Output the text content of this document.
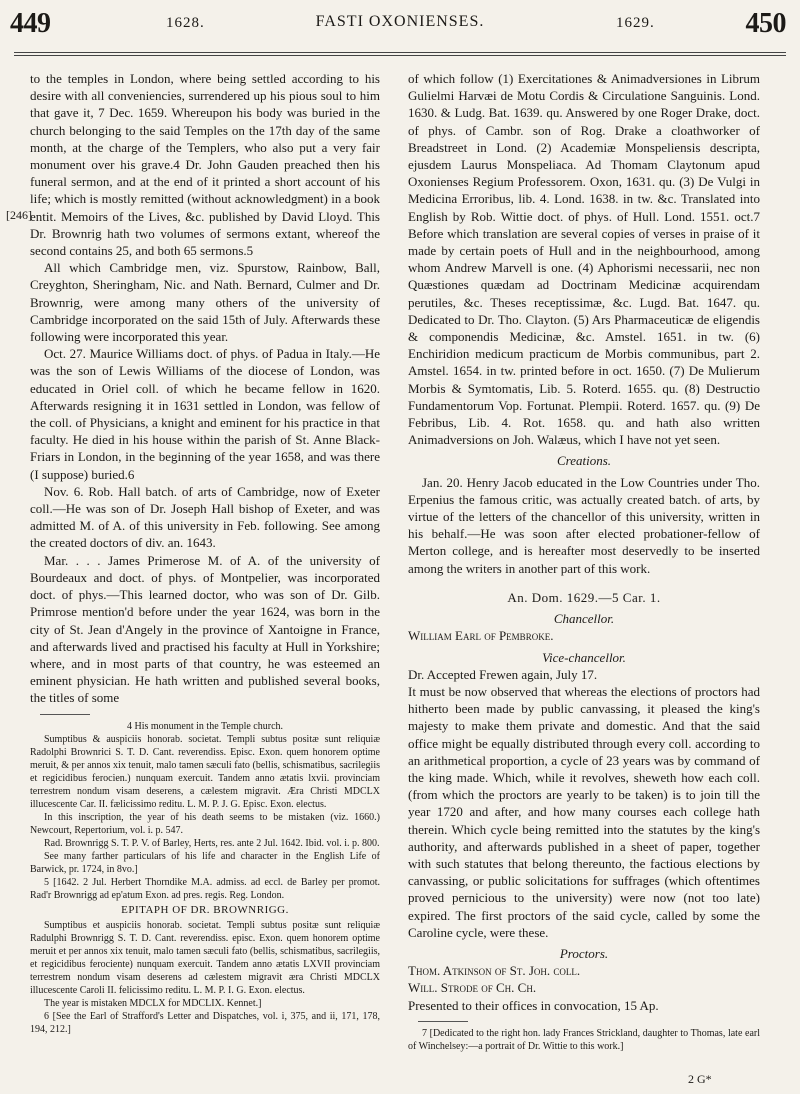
449	1628.	FASTI OXONIENSES.	1629.	450
[246]

to the temples in London, where being settled according to his desire with all conveniencies, surrendered up his pious soul to him that gave it, 7 Dec. 1659. Whereupon his body was buried in the church belonging to the said Temples on the 17th day of the same month, at the charge of the Templers, who also put a very fair monument over his grave.4 Dr. John Gauden preached then his funeral sermon, and at the end of it printed a short account of his life; which is mostly remitted (without acknowledgment) in a book entit. Memoirs of the Lives, &c. published by David Lloyd. This Dr. Brownrig hath two volumes of sermons extant, whereof the second contains 25, and both 65 sermons.5

All which Cambridge men, viz. Spurstow, Rainbow, Ball, Creyghton, Sheringham, Nic. and Nath. Bernard, Culmer and Dr. Brownrig, were among many others of the university of Cambridge incorporated on the said 15th of July. Afterwards these following were incorporated this year.

Oct. 27. Maurice Williams doct. of phys. of Padua in Italy.—He was the son of Lewis Williams of the diocese of London, was educated in Oriel coll. of which he became fellow in 1620. Afterwards resigning it in 1631 settled in London, was fellow of the coll. of Physicians, a knight and eminent for his practice in that faculty. He died in his house within the parish of St. Anne Black-Friars in London, in the beginning of the year 1658, and was there (I suppose) buried.6

Nov. 6. Rob. Hall batch. of arts of Cambridge, now of Exeter coll.—He was son of Dr. Joseph Hall bishop of Exeter, and was admitted M. of A. of this university in Feb. following. See among the created doctors of div. an. 1643.

Mar. . . . James Primerose M. of A. of the university of Bourdeaux and doct. of phys. of Montpelier, was incorporated doct. of phys.—This learned doctor, who was son of Dr. Gilb. Primrose mention'd before under the year 1624, was born in the city of St. Jean d'Angely in the province of Xantoigne in France, and afterwards lived and practised his faculty at Hull in Yorkshire; where, and in most parts of that country, he was esteemed an eminent physician. He hath written and published several books, the titles of some

4 His monument in the Temple church.

Sumptibus & auspiciis honorab. societat. Templi subtus positæ sunt reliquiæ Radolphi Brownrici S. T. D. Cant. reverendiss. Episc. Exon. quem honorem optime meruit, & per annos xix tenuit, malo tamen sæculi fato (bellis, schismatibus, sacrilegiis et regicidibus ferocien.) nunquam exercuit. Tandem anno ætatis lxvii. provinciam terrestrem nondum visam deserens, a cælestem migravit. Æra Christi MDCLX illucescente Car. II. fælicissimo reditu. L. M. P. J. G. Episc. Exon. electus.

In this inscription, the year of his death seems to be mistaken (viz. 1660.) Newcourt, Repertorium, vol. i. p. 547.

Rad. Brownrigg S. T. P. V. of Barley, Herts, res. ante 2 Jul. 1642. Ibid. vol. i. p. 800.

See many farther particulars of his life and character in the English Life of Barwick, pr. 1724, in 8vo.]

5 [1642. 2 Jul. Herbert Thorndike M.A. admiss. ad eccl. de Barley per promot. Rad'r Brownrigg ad ep'atum Exon. ad pres. regis. Reg. London.

EPITAPH OF DR. BROWNRIGG.

Sumptibus et auspiciis honorab. societat. Templi subtus positæ sunt reliquiæ Radulphi Brownrigg S. T. D. Cant. reverendiss. episc. Exon. quem honorem optime meruit et per annos xix tenuit, malo tamen sæculi fato (bellis, schismatibus, sacrilegiis, et regicidibus ferociente) nunquam exercuit. Tandem anno ætatis LXVII provinciam terrestrem nondum visam deserens ad cælestem migravit æra Christi MDCLX illucescente Caroli II. felicissimo reditu. L. M. P. I. G. Exon. electus.

The year is mistaken MDCLX for MDCLIX. Kennet.]

6 [See the Earl of Strafford's Letter and Dispatches, vol. i, 375, and ii, 171, 178, 194, 212.]

of which follow (1) Exercitationes & Animadversiones in Librum Gulielmi Harvæi de Motu Cordis & Circulatione Sanguinis. Lond. 1630. & Ludg. Bat. 1639. qu. Answered by one Roger Drake, doct. of phys. of Cambr. son of Rog. Drake a cloathworker of Breadstreet in Lond. (2) Academiæ Monspeliensis descripta, ejusdem Laurus Monspeliaca. Ad Thomam Claytonum apud Oxonienses Regium Professorem. Oxon, 1631. qu. (3) De Vulgi in Medicina Erroribus, lib. 4. Lond. 1638. in tw. &c. Translated into English by Rob. Wittie doct. of phys. of Hull. Lond. 1551. oct.7 Before which translation are several copies of verses in praise of it made by certain poets of Hull and in the neighbourhood, among whom Andrew Marvell is one. (4) Aphorismi necessarii, nec non Quæstiones quædam ad Doctrinam Medicinæ acquirendam perutiles, &c. Theses receptissimæ, &c. Lugd. Bat. 1647. qu. Dedicated to Dr. Tho. Clayton. (5) Ars Pharmaceuticæ de eligendis & componendis Medicinæ, &c. Amstel. 1651. in tw. (6) Enchiridion medicum practicum de Morbis communibus, part 2. Amstel. 1654. in tw. printed before in oct. 1650. (7) De Mulierum Morbis & Symtomatis, Lib. 5. Roterd. 1655. qu. (8) Destructio Fundamentorum Vop. Fortunat. Plempii. Roterd. 1657. qu. (9) De Febribus, Lib. 4. Rot. 1658. qu. and hath also written Animadversions on Joh. Walæus, which I have not yet seen.

Creations.

Jan. 20. Henry Jacob educated in the Low Countries under Tho. Erpenius the famous critic, was actually created batch. of arts, by virtue of the letters of the chancellor of this university, written in his behalf.—He was soon after elected probationer-fellow of Merton college, and is hereafter most deservedly to be inserted among the writers in another part of this work.

An. Dom. 1629.—5 Car. 1.

Chancellor.

William Earl of Pembroke.

Vice-chancellor.

Dr. Accepted Frewen again, July 17.

It must be now observed that whereas the elections of proctors had hitherto been made by public canvassing, it pleased the king's majesty to make them private and domestic. And that the said office might be equally distributed through every coll. according to an arithmetical proportion, a cycle of 23 years was by command of the king made. Which, while it revolves, sheweth how each coll. (from which the proctors are yearly to be taken) is to join till the year 1720 and after, and how many courses each college hath therein. Which cycle being remitted into the statutes by the king's authority, and afterwards published in a sheet of paper, together with such statutes that belong thereunto, the factious elections by canvassing, or public solicitations for suffrages (which oftentimes proved pernicious to the university) were now (not too late) expired. The first proctors of the said cycle, called by some the Caroline cycle, were these.

Proctors.

Thom. Atkinson of St. Joh. coll.

Will. Strode of Ch. Ch.

Presented to their offices in convocation, 15 Ap.

7 [Dedicated to the right hon. lady Frances Strickland, daughter to Thomas, late earl of Winchelsey:—a portrait of Dr. Wittie to this work.]

2 G*
